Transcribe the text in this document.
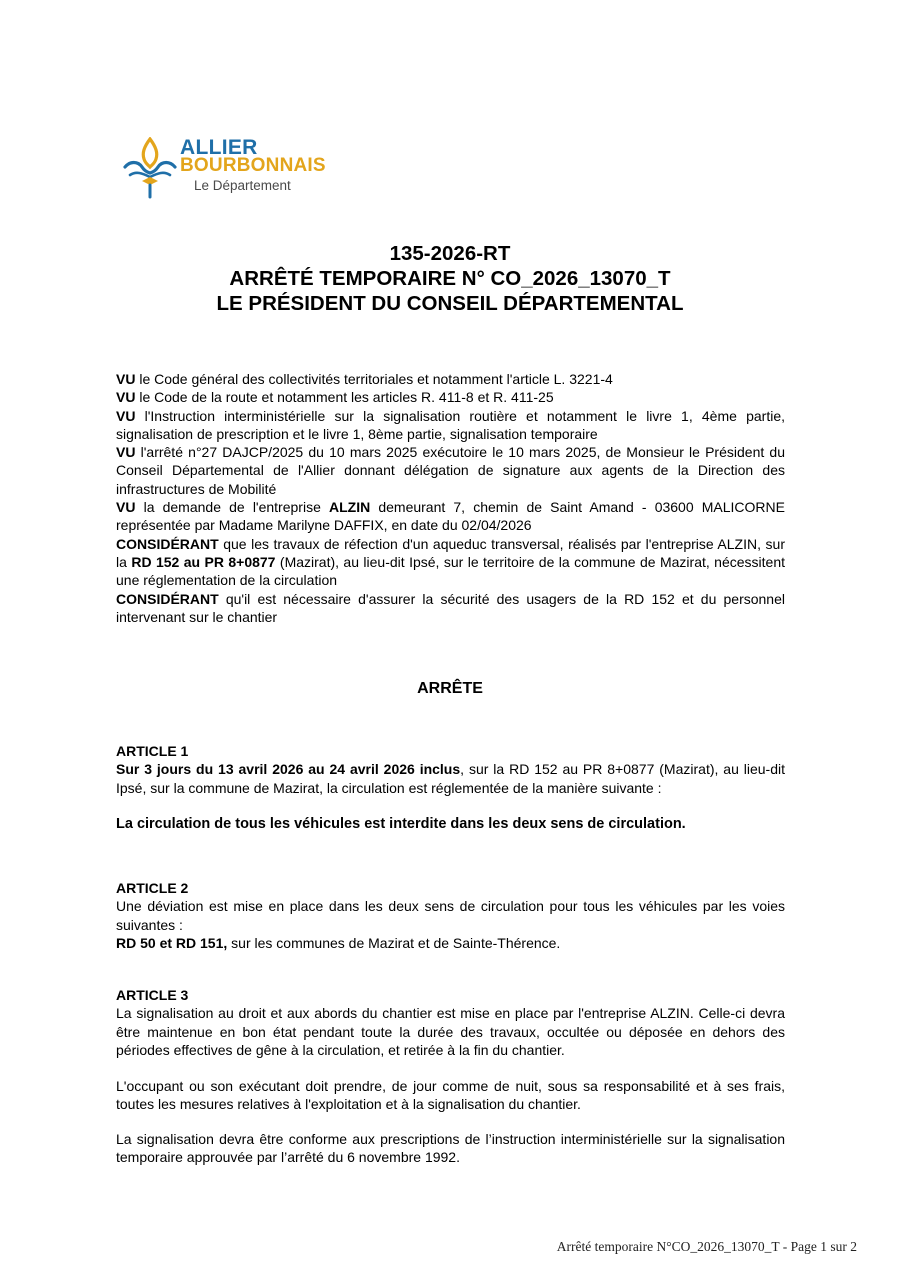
ALLIER
BOURBONNAIS
Le Département
135-2026-RT
ARRÊTÉ TEMPORAIRE N° CO_2026_13070_T
LE PRÉSIDENT DU CONSEIL DÉPARTEMENTAL

VU le Code général des collectivités territoriales et notamment l'article L. 3221-4

VU le Code de la route et notamment les articles R. 411-8 et R. 411-25

VU l'Instruction interministérielle sur la signalisation routière et notamment le livre 1, 4ème partie, signalisation de prescription et le livre 1, 8ème partie, signalisation temporaire

VU l'arrêté n°27 DAJCP/2025 du 10 mars 2025 exécutoire le 10 mars 2025, de Monsieur le Président du Conseil Départemental de l'Allier donnant délégation de signature aux agents de la Direction des infrastructures de Mobilité

VU la demande de l'entreprise ALZIN demeurant 7, chemin de Saint Amand - 03600 MALICORNE représentée par Madame Marilyne DAFFIX, en date du 02/04/2026

CONSIDÉRANT que les travaux de réfection d'un aqueduc transversal, réalisés par l'entreprise ALZIN, sur la RD 152 au PR 8+0877 (Mazirat), au lieu-dit Ipsé, sur le territoire de la commune de Mazirat, nécessitent une réglementation de la circulation

CONSIDÉRANT qu'il est nécessaire d'assurer la sécurité des usagers de la RD 152 et du personnel intervenant sur le chantier

ARRÊTE

ARTICLE 1

Sur 3 jours du 13 avril 2026 au 24 avril 2026 inclus, sur la RD 152 au PR 8+0877 (Mazirat), au lieu-dit Ipsé, sur la commune de Mazirat, la circulation est réglementée de la manière suivante :

La circulation de tous les véhicules est interdite dans les deux sens de circulation.

ARTICLE 2

Une déviation est mise en place dans les deux sens de circulation pour tous les véhicules par les voies suivantes :

RD 50 et RD 151, sur les communes de Mazirat et de Sainte-Thérence.

ARTICLE 3

La signalisation au droit et aux abords du chantier est mise en place par l'entreprise ALZIN. Celle-ci devra être maintenue en bon état pendant toute la durée des travaux, occultée ou déposée en dehors des périodes effectives de gêne à la circulation, et retirée à la fin du chantier.

L'occupant ou son exécutant doit prendre, de jour comme de nuit, sous sa responsabilité et à ses frais, toutes les mesures relatives à l'exploitation et à la signalisation du chantier.

La signalisation devra être conforme aux prescriptions de l’instruction interministérielle sur la signalisation temporaire approuvée par l’arrêté du 6 novembre 1992.

Arrêté temporaire N°CO_2026_13070_T - Page 1 sur 2
